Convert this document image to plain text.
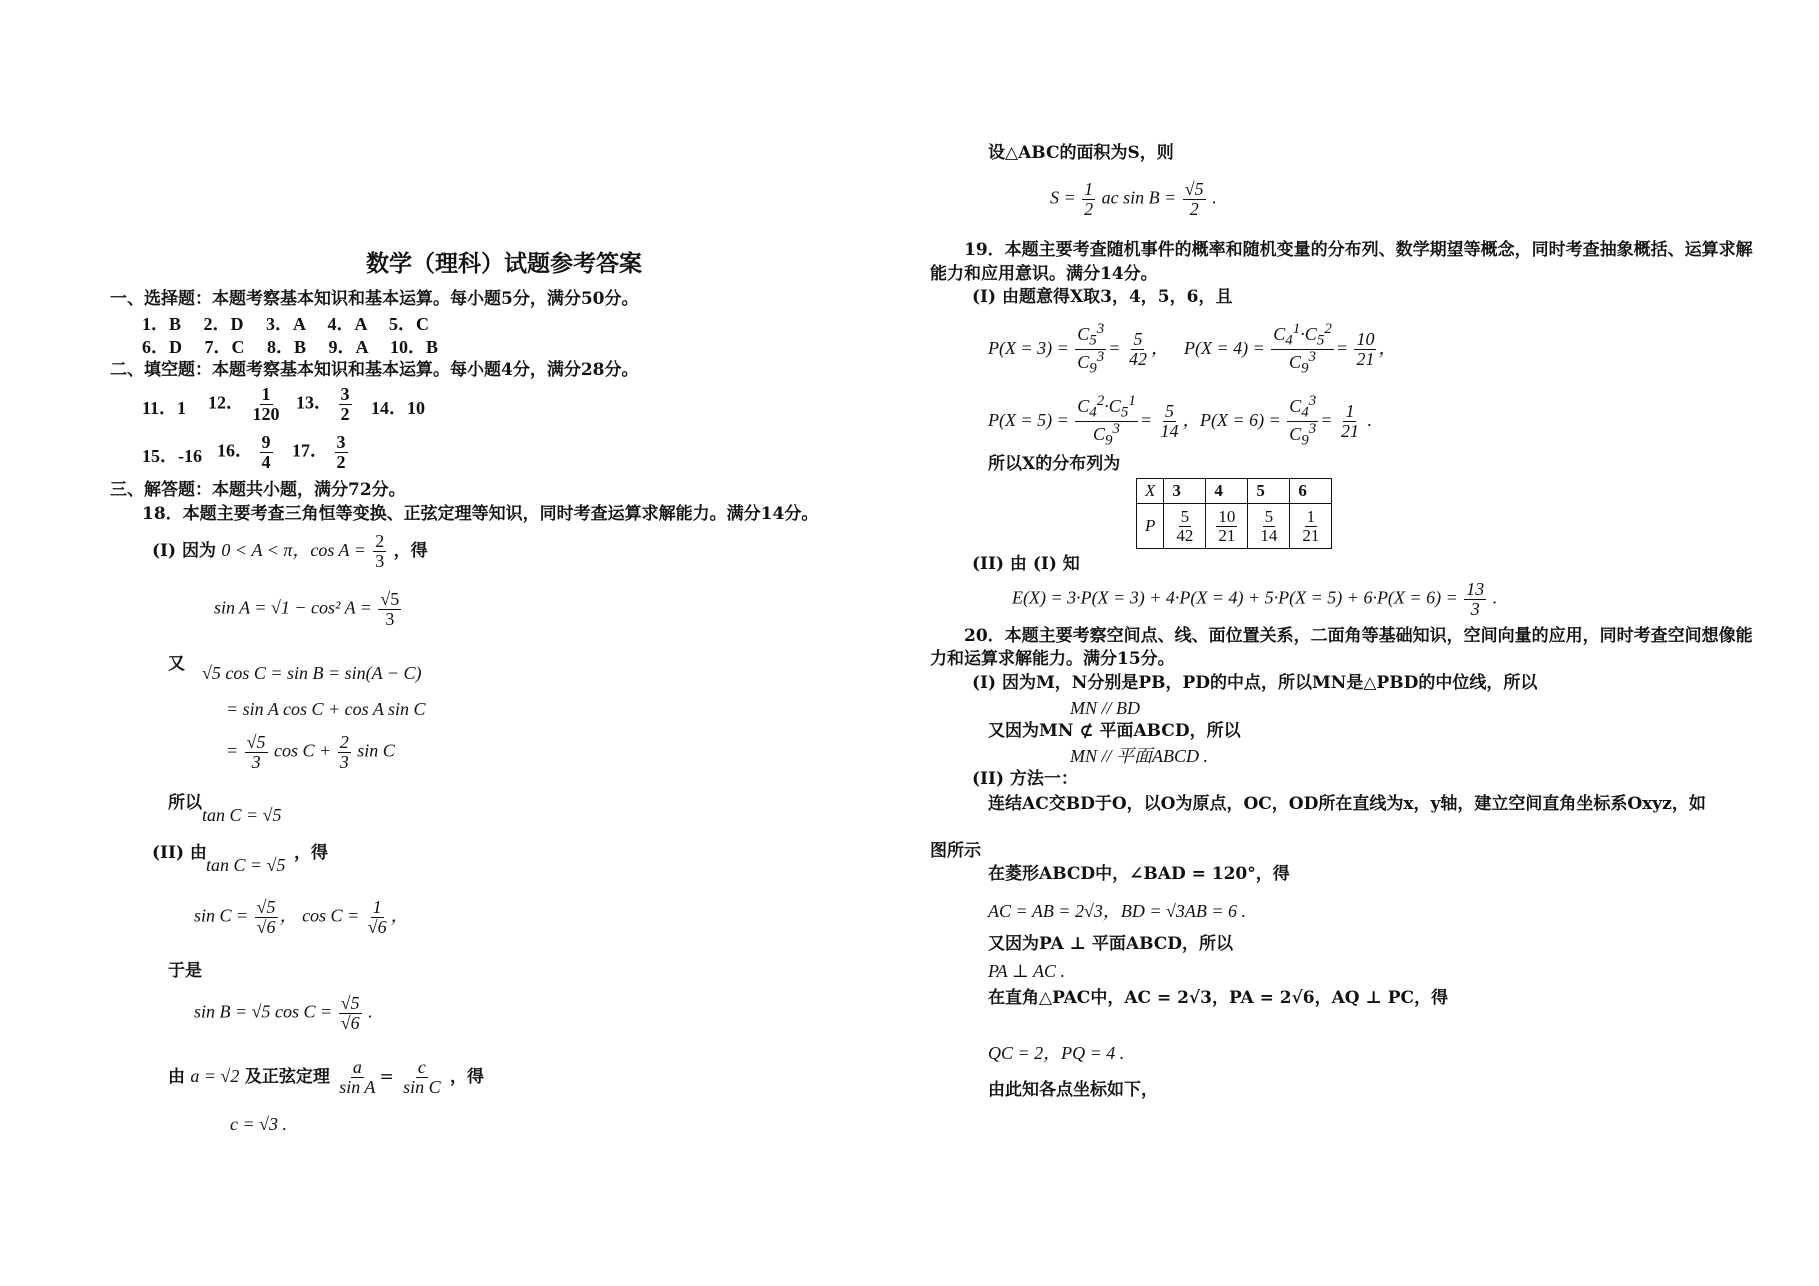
数学（理科）试题参考答案
一、选择题：本题考察基本知识和基本运算。每小题5分，满分50分。
1．B　 2．D　 3．A　 4．A　 5．C
6．D　 7．C　 8．B　 9．A　 10．B
二、填空题：本题考察基本知识和基本运算。每小题4分，满分28分。
11．1 12． $\frac{1}{120} 13$． $\frac{3}{2} 14$．10
15．-16 16． $\frac{9}{4} 17$． $\frac{3}{2}$
三、解答题：本题共小题，满分72分。
18．本题主要考查三角恒等变换、正弦定理等知识，同时考查运算求解能力。满分14分。
(I) 因为 0 < A < π，$\cos A = \frac{2}{3}$ ，得
sin A = √1 − cos² $A = \frac{√5}{3}$
又 √5 cos C = sin B = sin(A − C)
= sin A cos C + cos A sin C
= $\frac{√5}{3}$ $\cos C + \frac{2}{3}$ sin C
所以
tan C = √5
(II) 由
tan C = √5
，得
$\sin C = \frac{√5}{√6}$ ， $\cos C = \frac{1}{√6}$ ，
于是
sin B = √5 $\cos C = \frac{√5}{√6}$ .
由 a = √2 及正弦定理 $\frac{a}{\text{sin A}} = \frac{c}{\text{sin C}}$ ，得
c = √3 .
设△ABC的面积为S，则
$S = \frac{1}{2}$ ac $\sin B = \frac{√5}{2}$ .
19．本题主要考查随机事件的概率和随机变量的分布列、数学期望等概念，同时考查抽象概括、运算求解
能力和应用意识。满分14分。
(I) 由题意得X取3，4，5，6，且
$P(X = 3) = \frac{C_5^3}{C_9^3} = \frac{5}{42}$ ， $P(X = 4) = \frac{C_4^1\cdot C_5^2}{C_9^3} = \frac{10}{21}$ ，
$P(X = 5) = \frac{C_4^2\cdot C_5^1}{C_9^3} = \frac{5}{14}$ ， $P(X = 6) = \frac{C_4^3}{C_9^3} = \frac{1}{21}$ .
所以X的分布列为
X	3	4	5	6
P	$\frac{5}{42}$	$\frac{10}{21}$	$\frac{5}{14}$	$\frac{1}{21}$
(II) 由 (I) 知
$E(X) = 3\cdot P(X = 3) + 4\cdot P(X = 4) + 5\cdot P(X = 5) + 6\cdot P(X = 6) = \frac{13}{3}$ .
20．本题主要考察空间点、线、面位置关系，二面角等基础知识，空间向量的应用，同时考查空间想像能
力和运算求解能力。满分15分。
(I) 因为M，N分别是PB，PD的中点，所以MN是△PBD的中位线，所以
MN // BD
又因为MN ⊄ 平面ABCD，所以
MN // 平面ABCD .
(II) 方法一：
连结AC交BD于O，以O为原点，OC，OD所在直线为x，y轴，建立空间直角坐标系Oxyz，如
图所示
在菱形ABCD中，∠BAD = 120°，得
AC = AB = 2√3，BD = √3AB = 6 .
又因为PA ⊥ 平面ABCD，所以
PA ⊥ AC .
在直角△PAC中，AC = 2√3，PA = 2√6，AQ ⊥ PC，得
QC = 2，PQ = 4 .
由此知各点坐标如下，
